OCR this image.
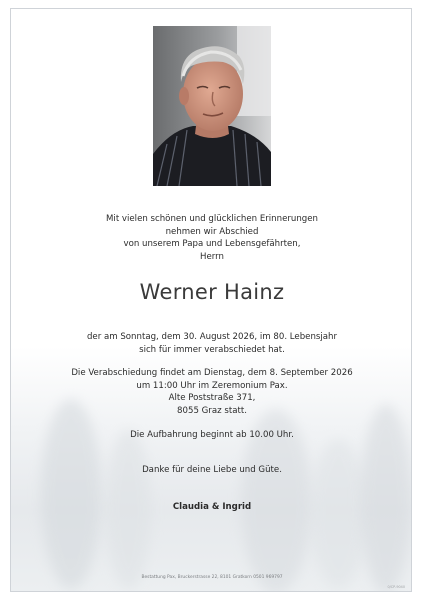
Mit vielen schönen und glücklichen Erinnerungen
nehmen wir Abschied
von unserem Papa und Lebensgefährten,
Herrn
Werner Hainz
der am Sonntag, dem 30. August 2026, im 80. Lebensjahr
sich für immer verabschiedet hat.
Die Verabschiedung findet am Dienstag, dem 8. September 2026
um 11:00 Uhr im Zeremonium Pax.
Alte Poststraße 371,
8055 Graz statt.
Die Aufbahrung beginnt ab 10.00 Uhr.
Danke für deine Liebe und Güte.
Claudia & Ingrid
Bestattung Pax, Bruckerstrasse 22, 8101 Gratkorn 0501 969797
0/CP-9040
